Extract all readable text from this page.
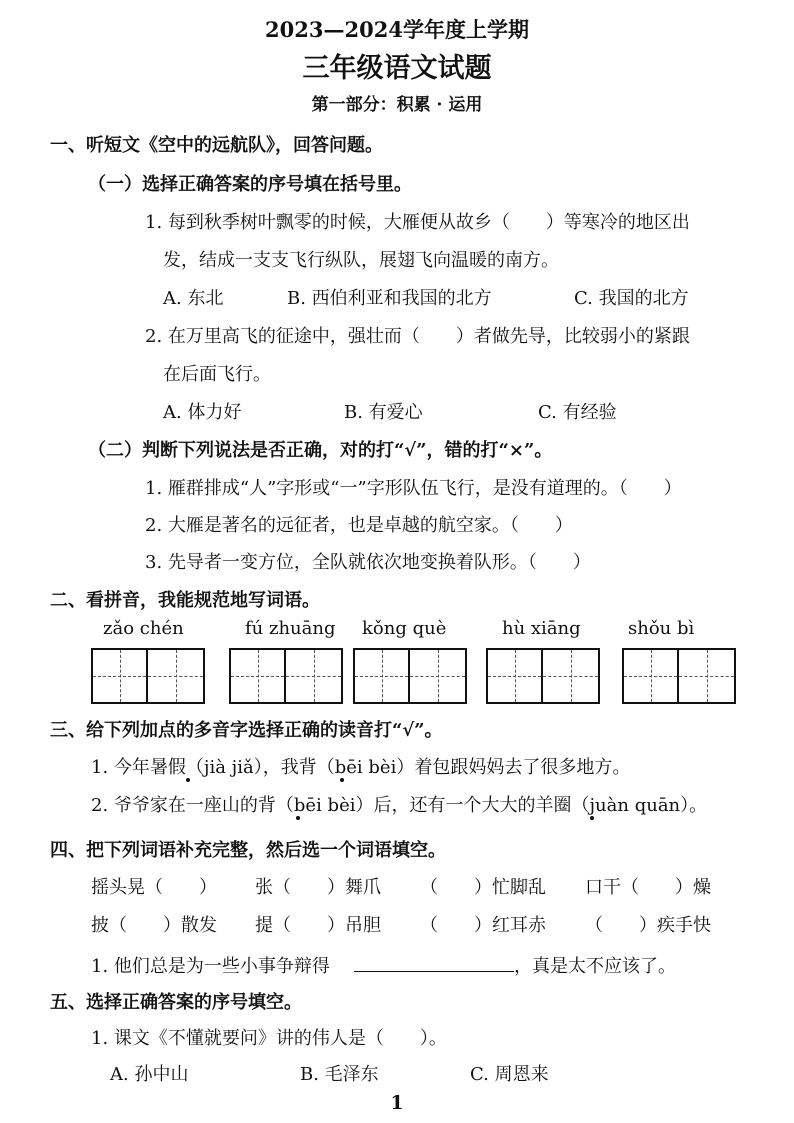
2023—2024学年度上学期
三年级语文试题
第一部分：积累 · 运用
一、听短文《空中的远航队》，回答问题。
（一）选择正确答案的序号填在括号里。
1. 每到秋季树叶飘零的时候，大雁便从故乡（　　）等寒冷的地区出
发，结成一支支飞行纵队，展翅飞向温暖的南方。
A. 东北	B. 西伯利亚和我国的北方	C. 我国的北方
2. 在万里高飞的征途中，强壮而（　　）者做先导，比较弱小的紧跟
在后面飞行。
A. 体力好	B. 有爱心	C. 有经验
（二）判断下列说法是否正确，对的打“√”，错的打“×”。
1. 雁群排成“人”字形或“一”字形队伍飞行，是没有道理的。（　　）
2. 大雁是著名的远征者，也是卓越的航空家。（　　）
3. 先导者一变方位，全队就依次地变换着队形。（　　）
二、看拼音，我能规范地写词语。
zǎo chén	fú zhuāng kǒng què	hù xiāng	shǒu bì
三、给下列加点的多音字选择正确的读音打“√”。
1. 今年暑假（jià jiǎ），我背（bēi bèi）着包跟妈妈去了很多地方。
2. 爷爷家在一座山的背（bēi bèi）后，还有一个大大的羊圈（juàn quān）。
四、把下列词语补充完整，然后选一个词语填空。
摇头晃（　　） 张（　　）舞爪 （　　）忙脚乱 口干（　　）燥
披（　　）散发 提（　　）吊胆 （　　）红耳赤 （　　）疾手快
1. 他们总是为一些小事争辩得	，真是太不应该了。
五、选择正确答案的序号填空。
1. 课文《不懂就要问》讲的伟人是（　　）。
A. 孙中山	B. 毛泽东	C. 周恩来
1
